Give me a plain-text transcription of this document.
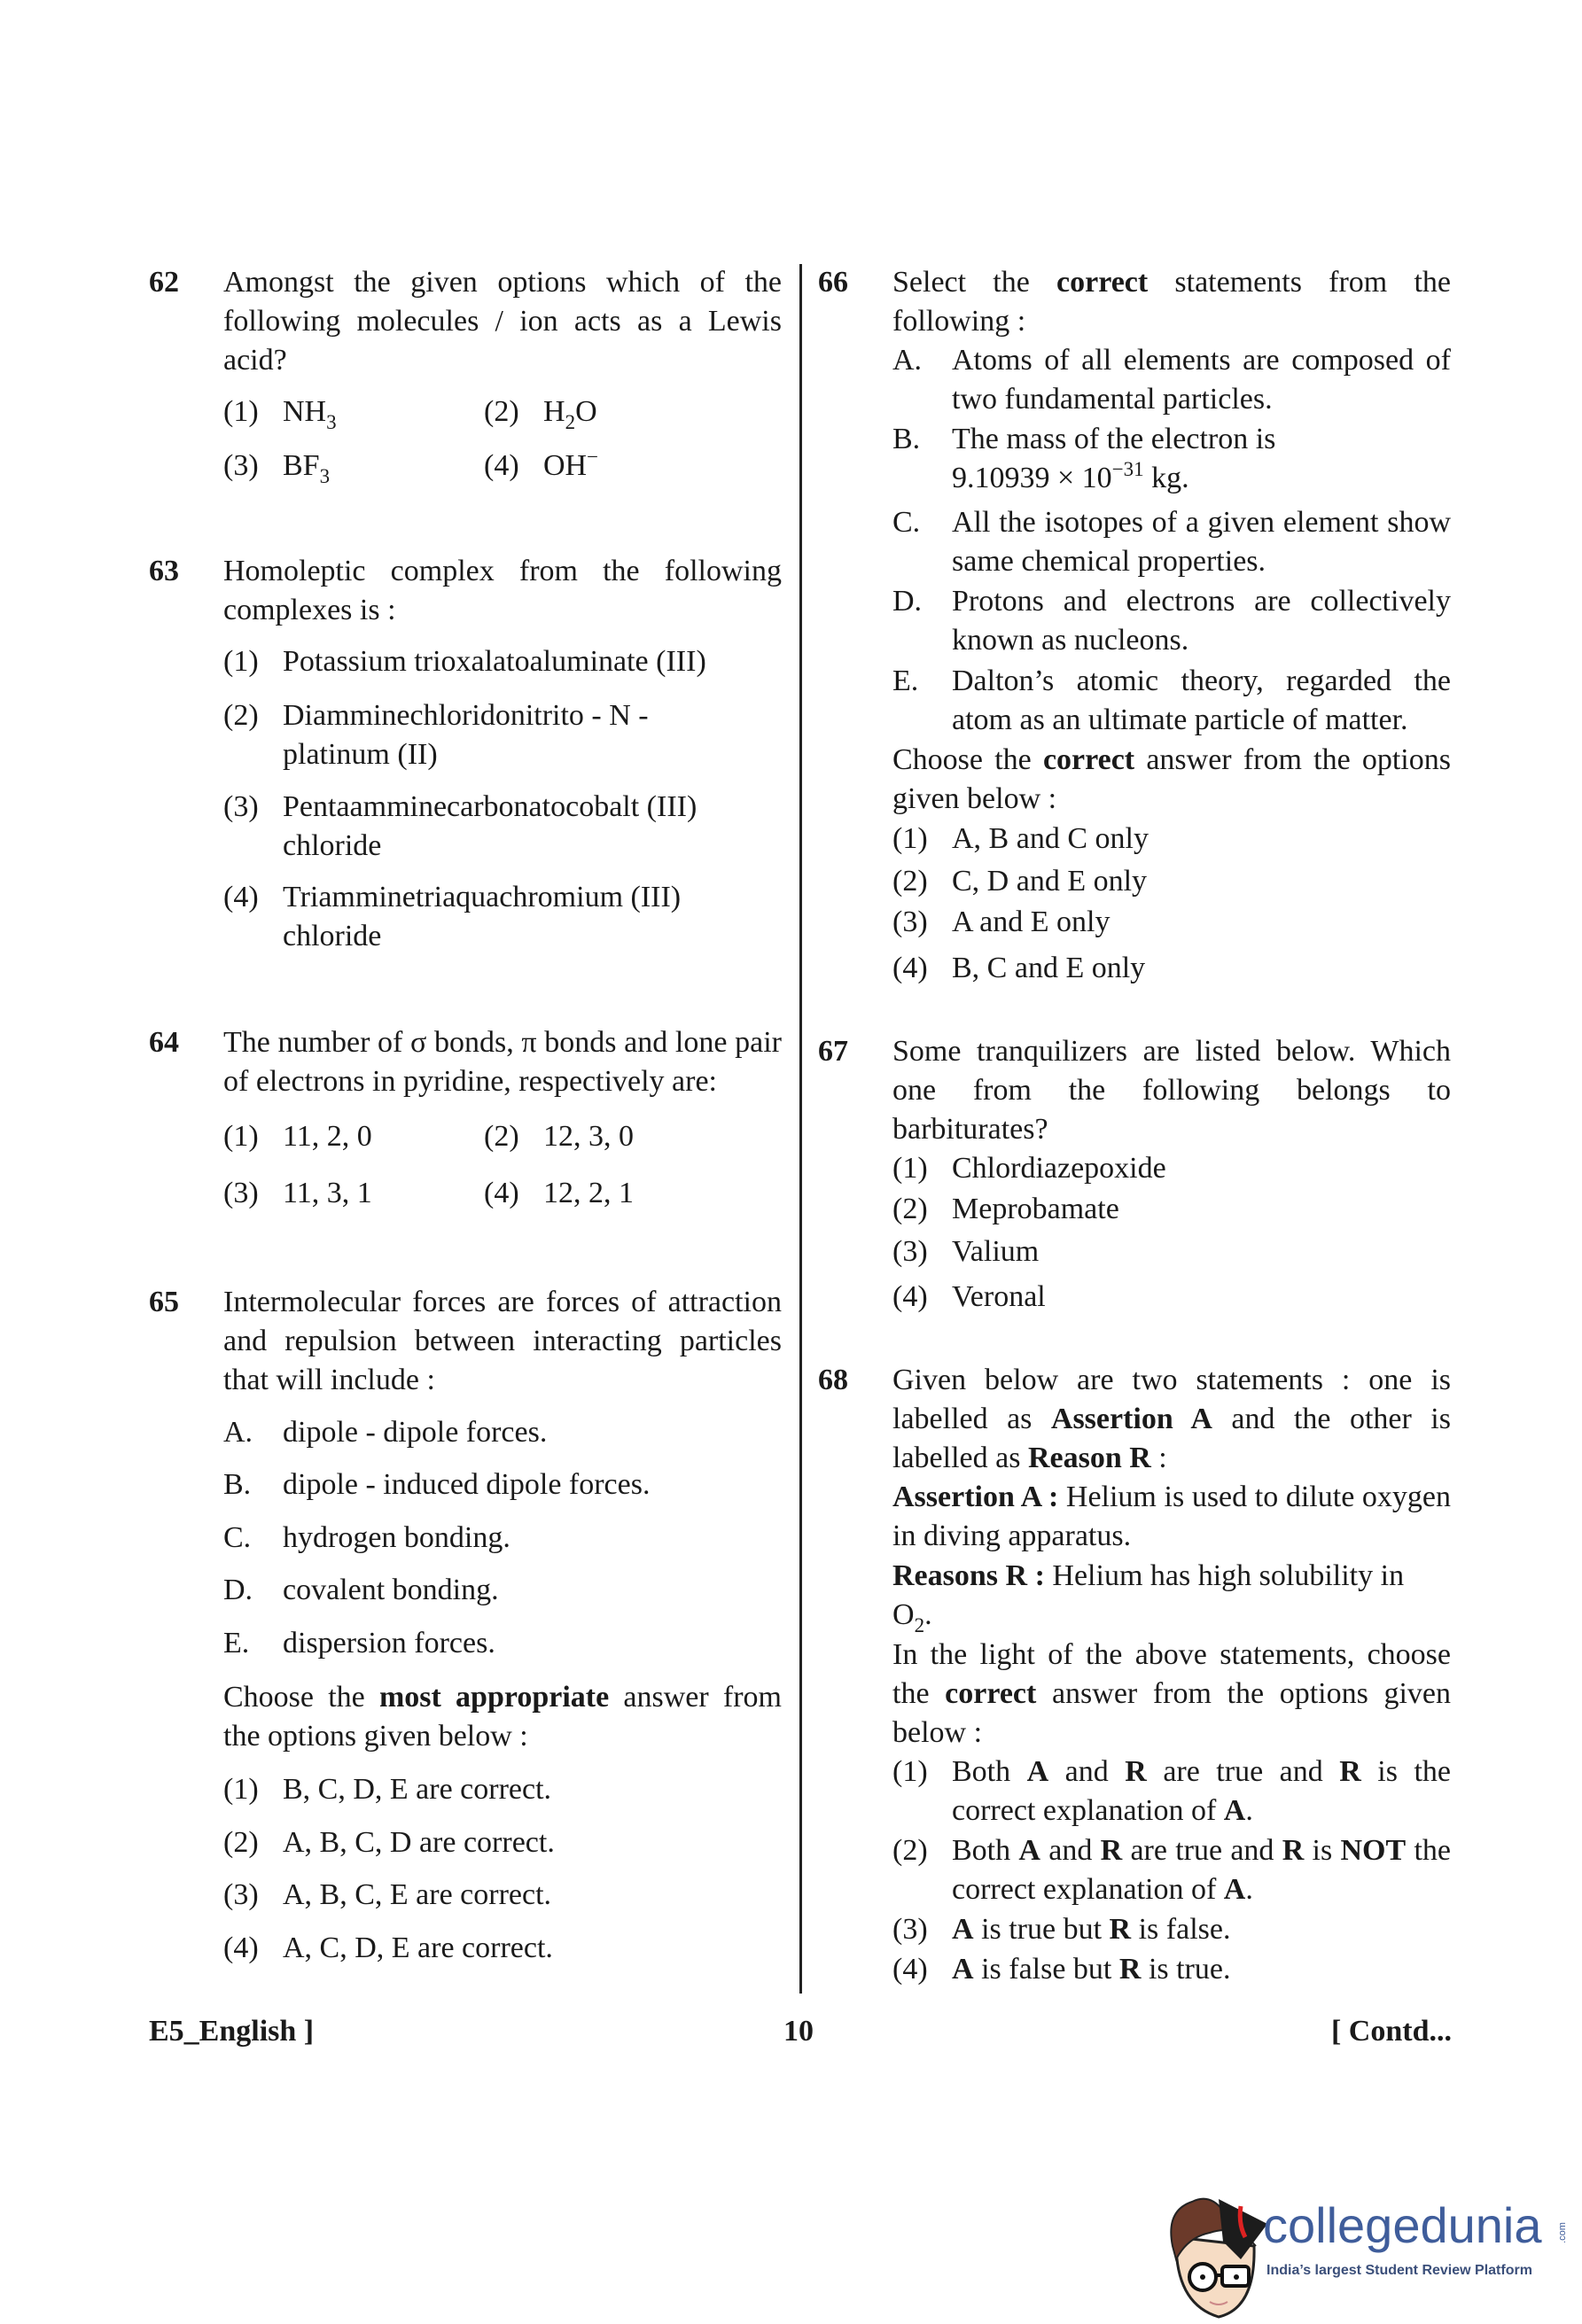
62 Amongst the given options which of the following molecules / ion acts as a Lewis acid?
(1) $NH_3$	(2) $H_2O$
(3) $BF_3$	(4) OH−
63 Homoleptic complex from the following complexes is :
(1) Potassium trioxalatoaluminate (III)
(2) Diamminechloridonitrito - N - platinum (II)
(3) Pentaamminecarbonatocobalt (III) chloride
(4) Triamminetriaquachromium (III) chloride
64 The number of σ bonds, π bonds and lone pair of electrons in pyridine, respectively are:
(1) 11, 2, 0	(2) 12, 3, 0
(3) 11, 3, 1	(4) 12, 2, 1
65 Intermolecular forces are forces of attraction and repulsion between interacting particles that will include :
A. dipole - dipole forces.
B. dipole - induced dipole forces.
C. hydrogen bonding.
D. covalent bonding.
E. dispersion forces.
Choose the most appropriate answer from the options given below :
(1) B, C, D, E are correct.
(2) A, B, C, D are correct.
(3) A, B, C, E are correct.
(4) A, C, D, E are correct.
66 Select the correct statements from the following :
A. Atoms of all elements are composed of two fundamental particles.
B. The mass of the electron is $9.10939 \times 10^{-31}$ kg.
C. All the isotopes of a given element show same chemical properties.
D. Protons and electrons are collectively known as nucleons.
E. Dalton’s atomic theory, regarded the atom as an ultimate particle of matter.
Choose the correct answer from the options given below :
(1) A, B and C only
(2) C, D and E only
(3) A and E only
(4) B, C and E only
67 Some tranquilizers are listed below. Which one from the following belongs to barbiturates?
(1) Chlordiazepoxide
(2) Meprobamate
(3) Valium
(4) Veronal
68 Given below are two statements : one is labelled as Assertion A and the other is labelled as Reason R :
Assertion A : Helium is used to dilute oxygen in diving apparatus.
Reasons R : Helium has high solubility in $O_2$.
In the light of the above statements, choose the correct answer from the options given below :
(1) Both A and R are true and R is the correct explanation of A.
(2) Both A and R are true and R is NOT the correct explanation of A.
(3) A is true but R is false.
(4) A is false but R is true.
E5_English ]	10	[ Contd...
collegedunia .com
India’s largest Student Review Platform
